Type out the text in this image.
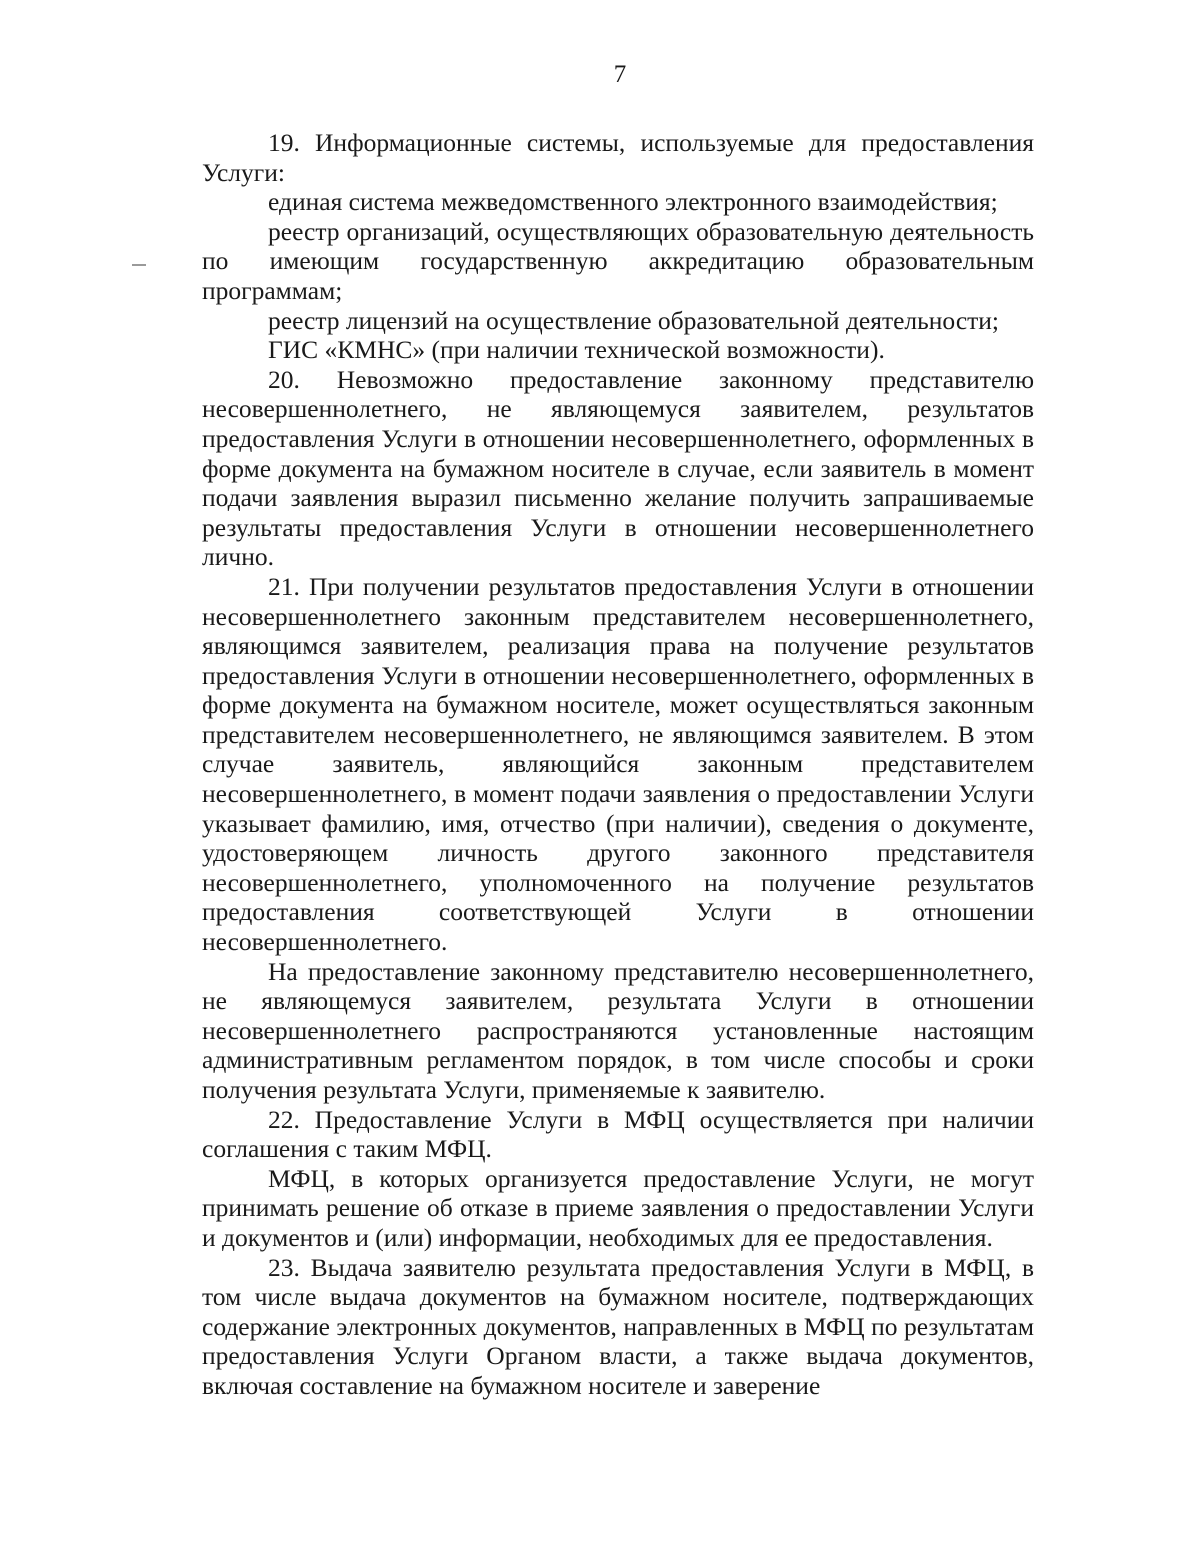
7

19. Информационные системы, используемые для предоставления Услуги:

единая система межведомственного электронного взаимодействия;

реестр организаций, осуществляющих образовательную деятельность по имеющим государственную аккредитацию образовательным программам;

реестр лицензий на осуществление образовательной деятельности;

ГИС «КМНС» (при наличии технической возможности).

20. Невозможно предоставление законному представителю несовершеннолетнего, не являющемуся заявителем, результатов предоставления Услуги в отношении несовершеннолетнего, оформленных в форме документа на бумажном носителе в случае, если заявитель в момент подачи заявления выразил письменно желание получить запрашиваемые результаты предоставления Услуги в отношении несовершеннолетнего лично.

21. При получении результатов предоставления Услуги в отношении несовершеннолетнего законным представителем несовершеннолетнего, являющимся заявителем, реализация права на получение результатов предоставления Услуги в отношении несовершеннолетнего, оформленных в форме документа на бумажном носителе, может осуществляться законным представителем несовершеннолетнего, не являющимся заявителем. В этом случае заявитель, являющийся законным представителем несовершеннолетнего, в момент подачи заявления о предоставлении Услуги указывает фамилию, имя, отчество (при наличии), сведения о документе, удостоверяющем личность другого законного представителя несовершеннолетнего, уполномоченного на получение результатов предоставления соответствующей Услуги в отношении несовершеннолетнего.

На предоставление законному представителю несовершеннолетнего, не являющемуся заявителем, результата Услуги в отношении несовершеннолетнего распространяются установленные настоящим административным регламентом порядок, в том числе способы и сроки получения результата Услуги, применяемые к заявителю.

22. Предоставление Услуги в МФЦ осуществляется при наличии соглашения с таким МФЦ.

МФЦ, в которых организуется предоставление Услуги, не могут принимать решение об отказе в приеме заявления о предоставлении Услуги и документов и (или) информации, необходимых для ее предоставления.

23. Выдача заявителю результата предоставления Услуги в МФЦ, в том числе выдача документов на бумажном носителе, подтверждающих содержание электронных документов, направленных в МФЦ по результатам предоставления Услуги Органом власти, а также выдача документов, включая составление на бумажном носителе и заверение
